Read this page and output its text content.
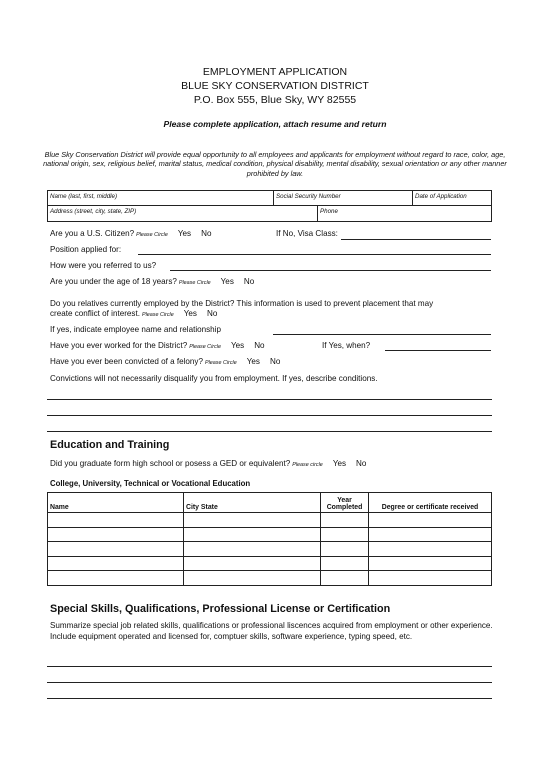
EMPLOYMENT APPLICATION
BLUE SKY CONSERVATION DISTRICT
P.O. Box 555, Blue Sky, WY 82555
Please complete application, attach resume and return
Blue Sky Conservation District will provide equal opportunity to all employees and applicants for employment without regard to race, color, age, national origin, sex, religious belief, marital status, medical condition, physical disability, mental disability, sexual orientation or any other manner prohibited by law.
Name (last, first, middle)	Social Security Number	Date of Application
Address (street, city, state, ZIP)	Phone
Are you a U.S. Citizen? Please Circle Yes No	If No, Visa Class:
Position applied for:
How were you referred to us?
Are you under the age of 18 years? Please Circle Yes No
Do you relatives currently employed by the District? This information is used to prevent placement that may
create conflict of interest. Please Circle Yes No
If yes, indicate employee name and relationship
Have you ever worked for the District? Please Circle Yes No	If Yes, when?
Have you ever been convicted of a felony? Please Circle Yes No
Convictions will not necessarily disqualify you from employment. If yes, describe conditions.
Education and Training
Did you graduate form high school or posess a GED or equivalent? Please circle Yes No
College, University, Technical or Vocational Education
Name	City State	Year Completed	Degree or certificate received

Special Skills, Qualifications, Professional License or Certification
Summarize special job related skills, qualifications or professional liscences acquired from employment or other experience. Include equipment operated and licensed for, comptuer skills, software experience, typing speed, etc.
